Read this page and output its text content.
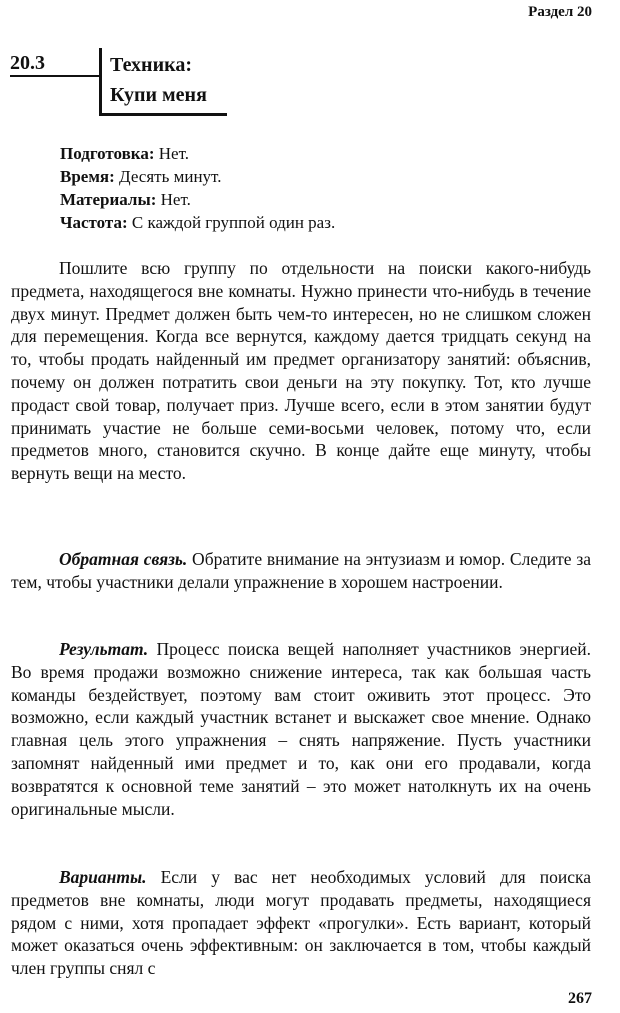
Раздел 20
20.3	Техника:
Купи меня
Подготовка: Нет.
Время: Десять минут.
Материалы: Нет.
Частота: С каждой группой один раз.

Пошлите всю группу по отдельности на поиски какого-нибудь предмета, находящегося вне комнаты. Нужно принести что-нибудь в течение двух минут. Предмет должен быть чем-то интересен, но не слишком сложен для перемещения. Когда все вернутся, каждому дается тридцать секунд на то, чтобы продать найденный им предмет организатору занятий: объяснив, почему он должен потратить свои деньги на эту покупку. Тот, кто лучше продаст свой товар, получает приз. Лучше всего, если в этом занятии будут принимать участие не больше семи-восьми человек, потому что, если предметов много, становится скучно. В конце дайте еще минуту, чтобы вернуть вещи на место.

Обратная связь. Обратите внимание на энтузиазм и юмор. Следите за тем, чтобы участники делали упражнение в хорошем настроении.

Результат. Процесс поиска вещей наполняет участников энергией. Во время продажи возможно снижение интереса, так как большая часть команды бездействует, поэтому вам стоит оживить этот процесс. Это возможно, если каждый участник встанет и выскажет свое мнение. Однако главная цель этого упражнения – снять напряжение. Пусть участники запомнят найденный ими предмет и то, как они его продавали, когда возвратятся к основной теме занятий – это может натолкнуть их на очень оригинальные мысли.

Варианты. Если у вас нет необходимых условий для поиска предметов вне комнаты, люди могут продавать предметы, находящиеся рядом с ними, хотя пропадает эффект «прогулки». Есть вариант, который может оказаться очень эффективным: он заключается в том, чтобы каждый член группы снял с

267
